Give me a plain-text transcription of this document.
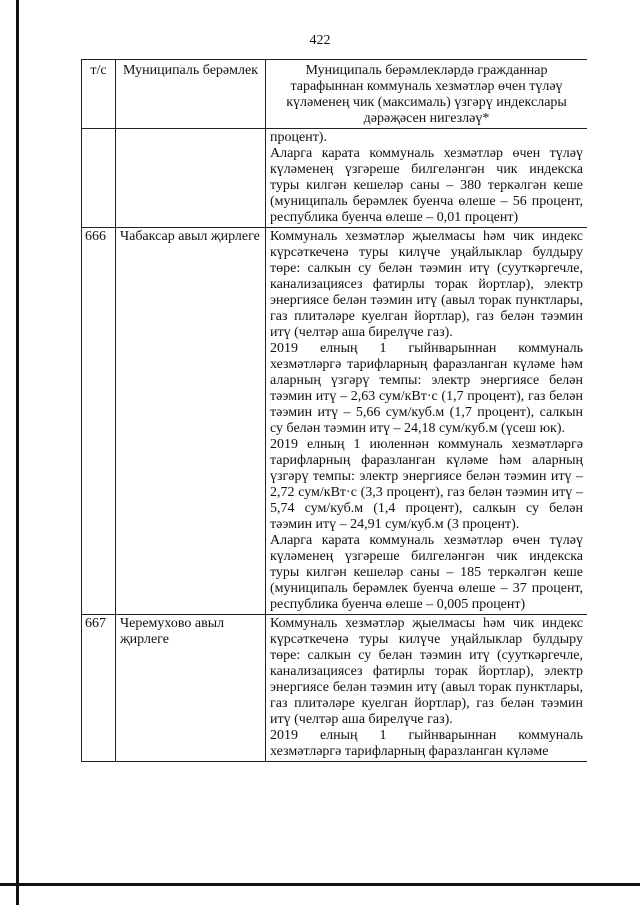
422
т/с	Муниципаль берәмлек	Муниципаль берәмлекләрдә гражданнар тарафыннан коммуналь хезмәтләр өчен түләү күләменең чик (максималь) үзгәрү индекслары дәрәҗәсен нигезләү*

		процент).

Аларга карата коммуналь хезмәтләр өчен түләү күләменең үзгәреше билгеләнгән чик индекска туры килгән кешеләр саны – 380 теркәлгән кеше (муниципаль берәмлек буенча өлеше – 56 процент, республика буенча өлеше – 0,01 процент)

666	Чабаксар авыл җирлеге	Коммуналь хезмәтләр җыелмасы һәм чик индекс күрсәткеченә туры килүче уңайлыклар булдыру төре: салкын су белән тәэмин итү (сууткәргечле, канализациясез фатирлы торак йортлар), электр энергиясе белән тәэмин итү (авыл торак пунктлары, газ плитәләре куелган йортлар), газ белән тәэмин итү (челтәр аша бирелүче газ).

2019 елның 1 гыйнварыннан коммуналь хезмәтләргә тарифларның фаразланган күләме һәм аларның үзгәрү темпы: электр энергиясе белән тәэмин итү – 2,63 сум/кВт·с (1,7 процент), газ белән тәэмин итү – 5,66 сум/куб.м (1,7 процент), салкын су белән тәэмин итү – 24,18 сум/куб.м (үсеш юк).

2019 елның 1 июленнән коммуналь хезмәтләргә тарифларның фаразланган күләме һәм аларның үзгәрү темпы: электр энергиясе белән тәэмин итү – 2,72 сум/кВт·с (3,3 процент), газ белән тәэмин итү – 5,74 сум/куб.м (1,4 процент), салкын су белән тәэмин итү – 24,91 сум/куб.м (3 процент).

Аларга карата коммуналь хезмәтләр өчен түләү күләменең үзгәреше билгеләнгән чик индекска туры килгән кешеләр саны – 185 теркәлгән кеше (муниципаль берәмлек буенча өлеше – 37 процент, республика буенча өлеше – 0,005 процент)

667	Черемухово авыл җирлеге	Коммуналь хезмәтләр җыелмасы һәм чик индекс күрсәткеченә туры килүче уңайлыклар булдыру төре: салкын су белән тәэмин итү (сууткәргечле, канализациясез фатирлы торак йортлар), электр энергиясе белән тәэмин итү (авыл торак пунктлары, газ плитәләре куелган йортлар), газ белән тәэмин итү (челтәр аша бирелүче газ).

2019 елның 1 гыйнварыннан коммуналь хезмәтләргә тарифларның фаразланган күләме
